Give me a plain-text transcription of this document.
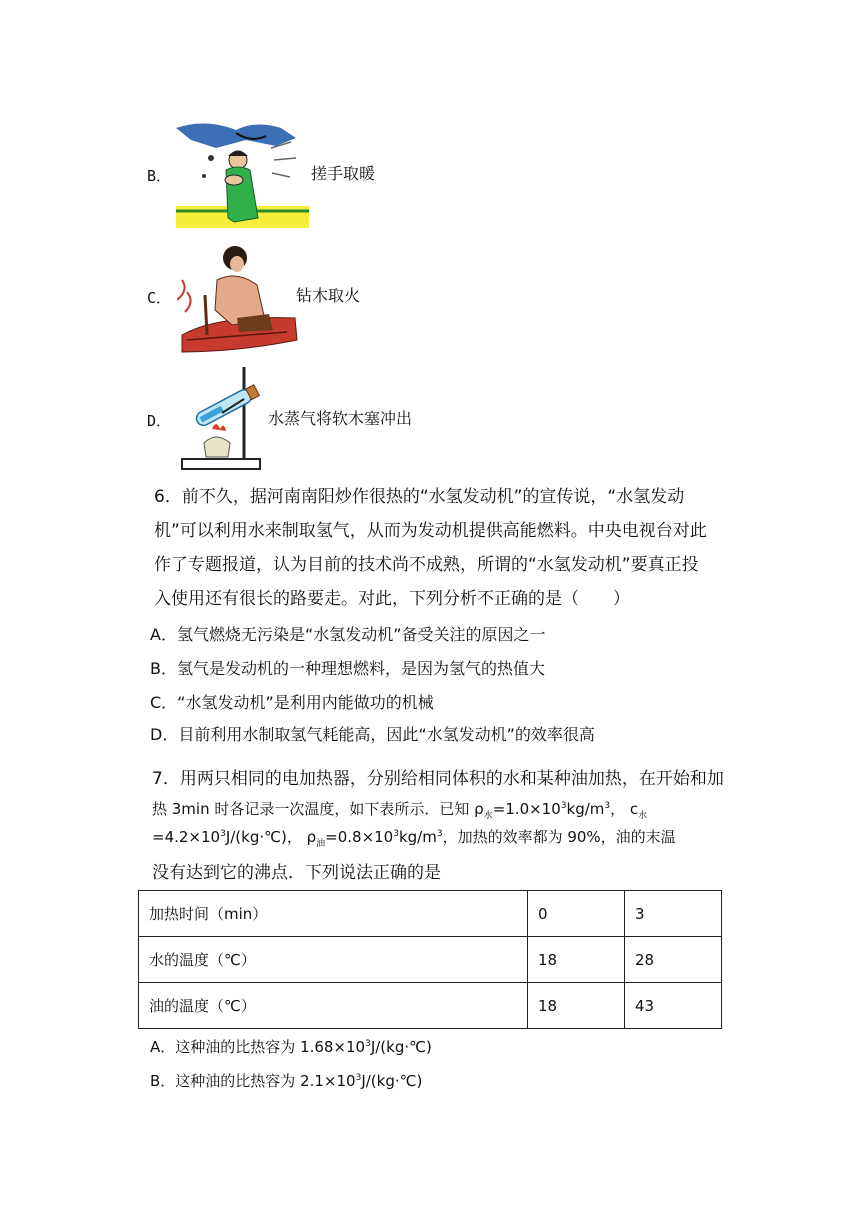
B．	搓手取暖
C．	钻木取火
D．	水蒸气将软木塞冲出
6．前不久，据河南南阳炒作很热的“水氢发动机”的宣传说，“水氢发动机”可以利用水来制取氢气，从而为发动机提供高能燃料。中央电视台对此作了专题报道，认为目前的技术尚不成熟，所谓的“水氢发动机”要真正投入使用还有很长的路要走。对此，下列分析不正确的是（　　）
A．氢气燃烧无污染是“水氢发动机”备受关注的原因之一
B．氢气是发动机的一种理想燃料，是因为氢气的热值大
C．“水氢发动机”是利用内能做功的机械
D．目前利用水制取氢气耗能高，因此“水氢发动机”的效率很高
7．用两只相同的电加热器，分别给相同体积的水和某种油加热，在开始和加
热 3min 时各记录一次温度，如下表所示．已知 $\rho_水=1.0\times 10^3kg/m^3$， $c_水$
$=4.2\times 10^3J/(kg\cdot℃)$， $\rho_油=0.8\times 10^3kg/m^3$，加热的效率都为 90%，油的末温
没有达到它的沸点．下列说法正确的是
加热时间（min）	0	3
水的温度（℃）	18	28
油的温度（℃）	18	43
A．这种油的比热容为 $1.68\times 10^3J/(kg\cdot℃)$
B．这种油的比热容为 $2.1\times 10^3J/(kg\cdot℃)$
